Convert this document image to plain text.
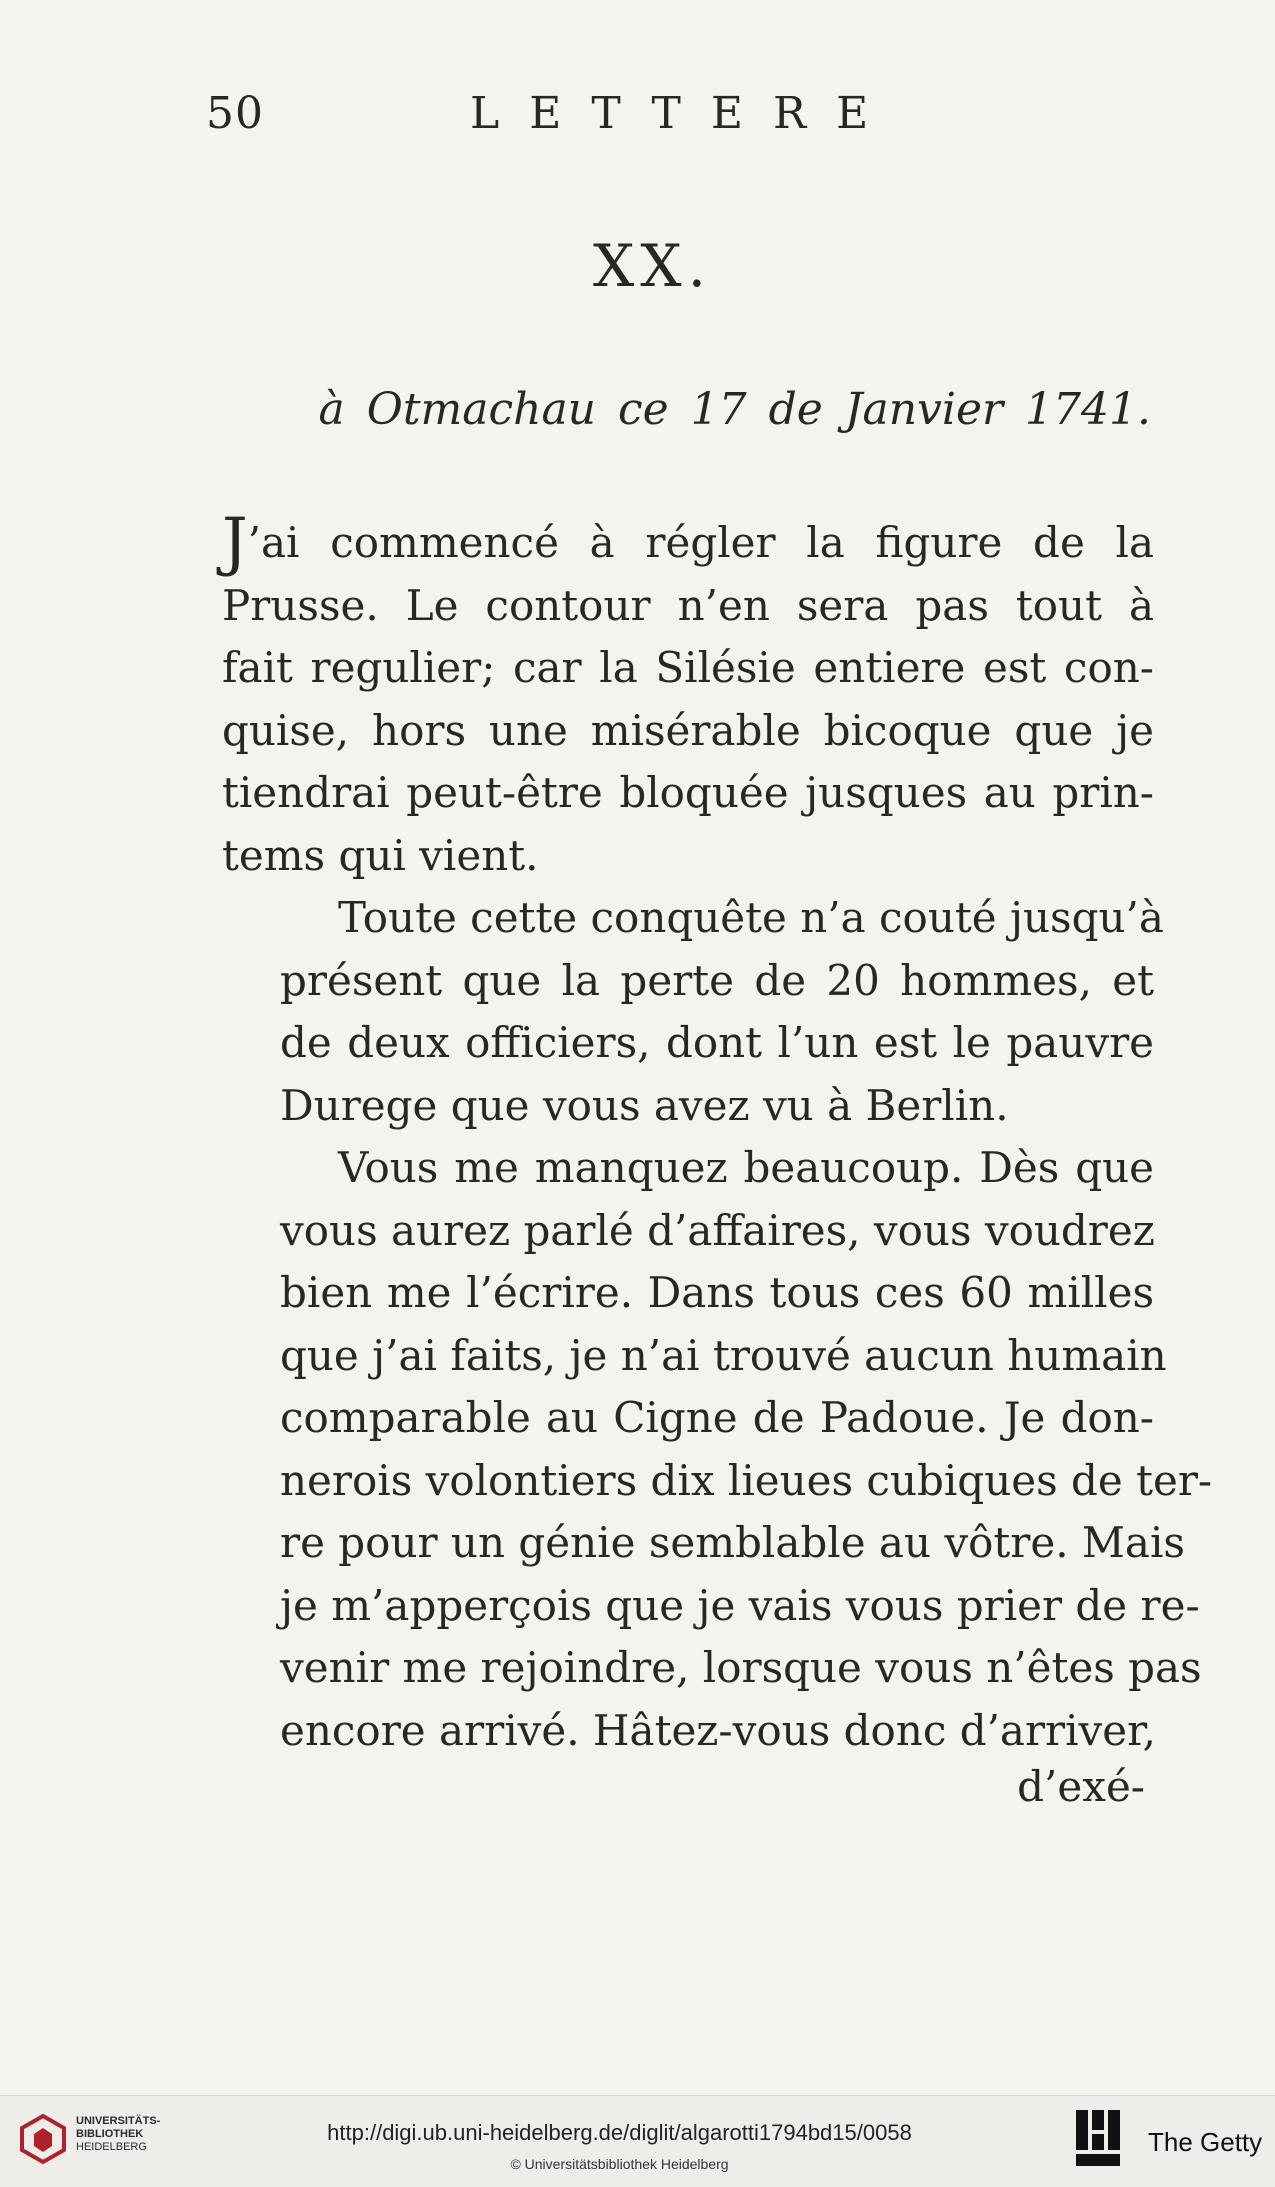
50	LETTERE
XX.
à Otmachau ce 17 de Janvier 1741.

J’ai commencé à régler la figure de la
Prusse. Le contour n’en sera pas tout à
fait regulier; car la Silésie entiere est con-
quise, hors une misérable bicoque que je
tiendrai peut-être bloquée jusques au prin-
tems qui vient.

Toute cette conquête n’a couté jusqu’à
présent que la perte de 20 hommes, et
de deux officiers, dont l’un est le pauvre
Durege que vous avez vu à Berlin.

Vous me manquez beaucoup. Dès que
vous aurez parlé d’affaires, vous voudrez
bien me l’écrire. Dans tous ces 60 milles
que j’ai faits, je n’ai trouvé aucun humain
comparable au Cigne de Padoue. Je don-
nerois volontiers dix lieues cubiques de ter-
re pour un génie semblable au vôtre. Mais
je m’apperçois que je vais vous prier de re-
venir me rejoindre, lorsque vous n’êtes pas
encore arrivé. Hâtez-vous donc d’arriver,

d’exé-
UNIVERSITÄTS-
BIBLIOTHEK
HEIDELBERG
http://digi.ub.uni-heidelberg.de/diglit/algarotti1794bd15/0058
© Universitätsbibliothek Heidelberg
The Getty
